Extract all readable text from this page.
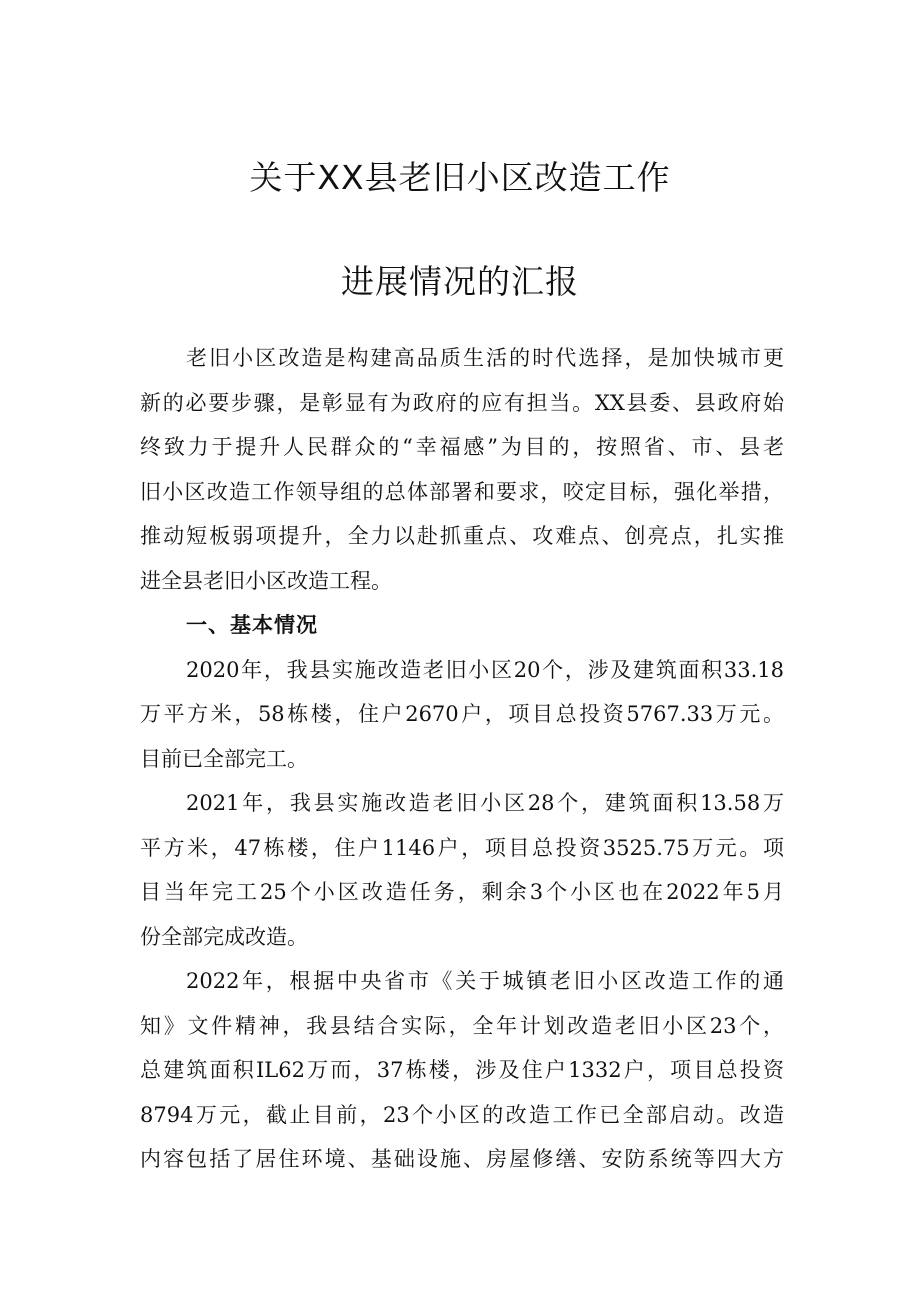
关于XX县老旧小区改造工作
进展情况的汇报
老旧小区改造是构建高品质生活的时代选择，是加快城市更
新的必要步骤，是彰显有为政府的应有担当。XX县委、县政府始
终致力于提升人民群众的“幸福感”为目的，按照省、市、县老
旧小区改造工作领导组的总体部署和要求，咬定目标，强化举措，
推动短板弱项提升，全力以赴抓重点、攻难点、创亮点，扎实推
进全县老旧小区改造工程。
一、基本情况
2020年，我县实施改造老旧小区20个，涉及建筑面积33.18
万平方米，58栋楼，住户2670户，项目总投资5767.33万元。
目前已全部完工。
2021年，我县实施改造老旧小区28个，建筑面积13.58万
平方米，47栋楼，住户1146户，项目总投资3525.75万元。项
目当年完工25个小区改造任务，剩余3个小区也在2022年5月
份全部完成改造。
2022年，根据中央省市《关于城镇老旧小区改造工作的通
知》文件精神，我县结合实际，全年计划改造老旧小区23个，
总建筑面积IL62万而，37栋楼，涉及住户1332户，项目总投资
8794万元，截止目前，23个小区的改造工作已全部启动。改造
内容包括了居住环境、基础设施、房屋修缮、安防系统等四大方
